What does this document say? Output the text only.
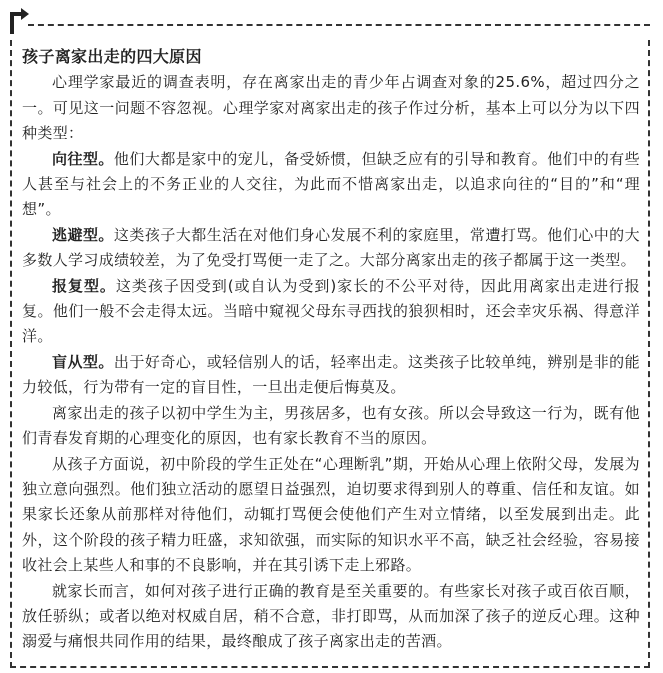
孩子离家出走的四大原因

心理学家最近的调查表明，存在离家出走的青少年占调查对象的25.6%，超过四分之一。可见这一问题不容忽视。心理学家对离家出走的孩子作过分析，基本上可以分为以下四种类型：

向往型。他们大都是家中的宠儿，备受娇惯，但缺乏应有的引导和教育。他们中的有些人甚至与社会上的不务正业的人交往，为此而不惜离家出走，以追求向往的“目的”和“理想”。

逃避型。这类孩子大都生活在对他们身心发展不利的家庭里，常遭打骂。他们心中的大多数人学习成绩较差，为了免受打骂便一走了之。大部分离家出走的孩子都属于这一类型。

报复型。这类孩子因受到(或自认为受到)家长的不公平对待，因此用离家出走进行报复。他们一般不会走得太远。当暗中窥视父母东寻西找的狼狈相时，还会幸灾乐祸、得意洋洋。

盲从型。出于好奇心，或轻信别人的话，轻率出走。这类孩子比较单纯，辨别是非的能力较低，行为带有一定的盲目性，一旦出走便后悔莫及。

离家出走的孩子以初中学生为主，男孩居多，也有女孩。所以会导致这一行为，既有他们青春发育期的心理变化的原因，也有家长教育不当的原因。

从孩子方面说，初中阶段的学生正处在“心理断乳”期，开始从心理上依附父母，发展为独立意向强烈。他们独立活动的愿望日益强烈，迫切要求得到别人的尊重、信任和友谊。如果家长还象从前那样对待他们，动辄打骂便会使他们产生对立情绪，以至发展到出走。此外，这个阶段的孩子精力旺盛，求知欲强，而实际的知识水平不高，缺乏社会经验，容易接收社会上某些人和事的不良影响，并在其引诱下走上邪路。

就家长而言，如何对孩子进行正确的教育是至关重要的。有些家长对孩子或百依百顺，放任骄纵；或者以绝对权威自居，稍不合意，非打即骂，从而加深了孩子的逆反心理。这种溺爱与痛恨共同作用的结果，最终酿成了孩子离家出走的苦酒。
